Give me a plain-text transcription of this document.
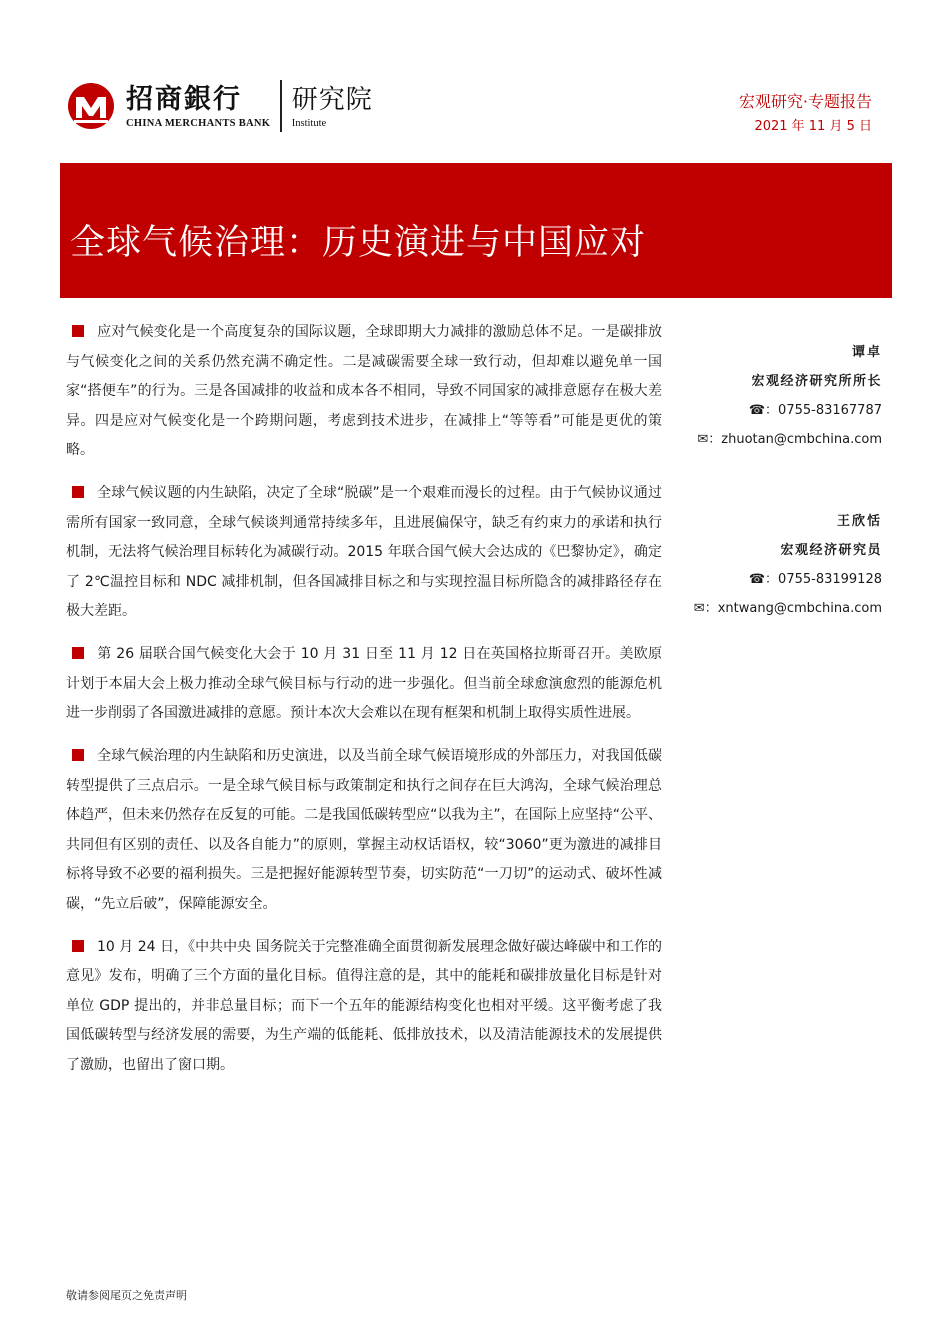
招商銀行
CHINA MERCHANTS BANK
研究院
Institute
宏观研究·专题报告
2021 年 11 月 5 日
全球气候治理：历史演进与中国应对

应对气候变化是一个高度复杂的国际议题，全球即期大力减排的激励总体不足。一是碳排放与气候变化之间的关系仍然充满不确定性。二是减碳需要全球一致行动，但却难以避免单一国家“搭便车”的行为。三是各国减排的收益和成本各不相同，导致不同国家的减排意愿存在极大差异。四是应对气候变化是一个跨期问题，考虑到技术进步，在减排上“等等看”可能是更优的策略。

全球气候议题的内生缺陷，决定了全球“脱碳”是一个艰难而漫长的过程。由于气候协议通过需所有国家一致同意，全球气候谈判通常持续多年，且进展偏保守，缺乏有约束力的承诺和执行机制，无法将气候治理目标转化为减碳行动。2015 年联合国气候大会达成的《巴黎协定》，确定了 2℃温控目标和 NDC 减排机制，但各国减排目标之和与实现控温目标所隐含的减排路径存在极大差距。

第 26 届联合国气候变化大会于 10 月 31 日至 11 月 12 日在英国格拉斯哥召开。美欧原计划于本届大会上极力推动全球气候目标与行动的进一步强化。但当前全球愈演愈烈的能源危机进一步削弱了各国激进减排的意愿。预计本次大会难以在现有框架和机制上取得实质性进展。

全球气候治理的内生缺陷和历史演进，以及当前全球气候语境形成的外部压力，对我国低碳转型提供了三点启示。一是全球气候目标与政策制定和执行之间存在巨大鸿沟，全球气候治理总体趋严，但未来仍然存在反复的可能。二是我国低碳转型应“以我为主”，在国际上应坚持“公平、共同但有区别的责任、以及各自能力”的原则，掌握主动权话语权，较“3060”更为激进的减排目标将导致不必要的福利损失。三是把握好能源转型节奏，切实防范“一刀切”的运动式、破坏性减碳，“先立后破”，保障能源安全。

10 月 24 日，《中共中央 国务院关于完整准确全面贯彻新发展理念做好碳达峰碳中和工作的意见》发布，明确了三个方面的量化目标。值得注意的是，其中的能耗和碳排放量化目标是针对单位 GDP 提出的，并非总量目标；而下一个五年的能源结构变化也相对平缓。这平衡考虑了我国低碳转型与经济发展的需要，为生产端的低能耗、低排放技术，以及清洁能源技术的发展提供了激励，也留出了窗口期。

谭卓
宏观经济研究所所长
☎：0755-83167787
✉：zhuotan@cmbchina.com
王欣恬
宏观经济研究员
☎：0755-83199128
✉：xntwang@cmbchina.com
敬请参阅尾页之免责声明
